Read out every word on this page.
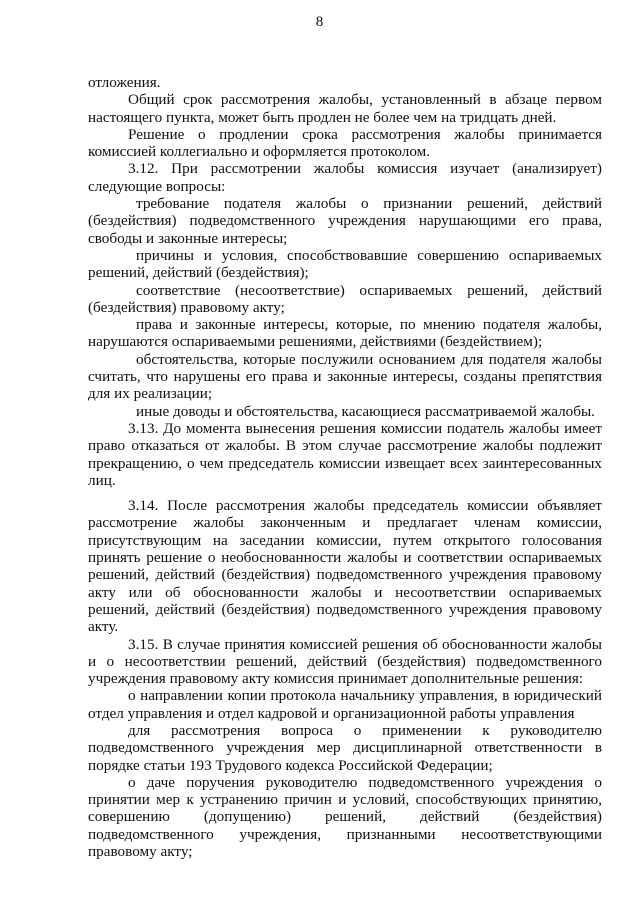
8

отложения.

Общий срок рассмотрения жалобы, установленный в абзаце первом настоящего пункта, может быть продлен не более чем на тридцать дней.

Решение о продлении срока рассмотрения жалобы принимается комиссией коллегиально и оформляется протоколом.

3.12. При рассмотрении жалобы комиссия изучает (анализирует) следующие вопросы:

требование подателя жалобы о признании решений, действий (бездействия) подведомственного учреждения нарушающими его права, свободы и законные интересы;

причины и условия, способствовавшие совершению оспариваемых решений, действий (бездействия);

соответствие (несоответствие) оспариваемых решений, действий (бездействия) правовому акту;

права и законные интересы, которые, по мнению подателя жалобы, нарушаются оспариваемыми решениями, действиями (бездействием);

обстоятельства, которые послужили основанием для подателя жалобы считать, что нарушены его права и законные интересы, созданы препятствия для их реализации;

иные доводы и обстоятельства, касающиеся рассматриваемой жалобы.

3.13. До момента вынесения решения комиссии податель жалобы имеет право отказаться от жалобы. В этом случае рассмотрение жалобы подлежит прекращению, о чем председатель комиссии извещает всех заинтересованных лиц.

3.14. После рассмотрения жалобы председатель комиссии объявляет рассмотрение жалобы законченным и предлагает членам комиссии, присутствующим на заседании комиссии, путем открытого голосования принять решение о необоснованности жалобы и соответствии оспариваемых решений, действий (бездействия) подведомственного учреждения правовому акту или об обоснованности жалобы и несоответствии оспариваемых решений, действий (бездействия) подведомственного учреждения правовому акту.

3.15. В случае принятия комиссией решения об обоснованности жалобы и о несоответствии решений, действий (бездействия) подведомственного учреждения правовому акту комиссия принимает дополнительные решения:

о направлении копии протокола начальнику управления, в юридический отдел управления и отдел кадровой и организационной работы управления

для рассмотрения вопроса о применении к руководителю подведомственного учреждения мер дисциплинарной ответственности в порядке статьи 193 Трудового кодекса Российской Федерации;

о даче поручения руководителю подведомственного учреждения о принятии мер к устранению причин и условий, способствующих принятию, совершению (допущению) решений, действий (бездействия) подведомственного учреждения, признанными несоответствующими правовому акту;
